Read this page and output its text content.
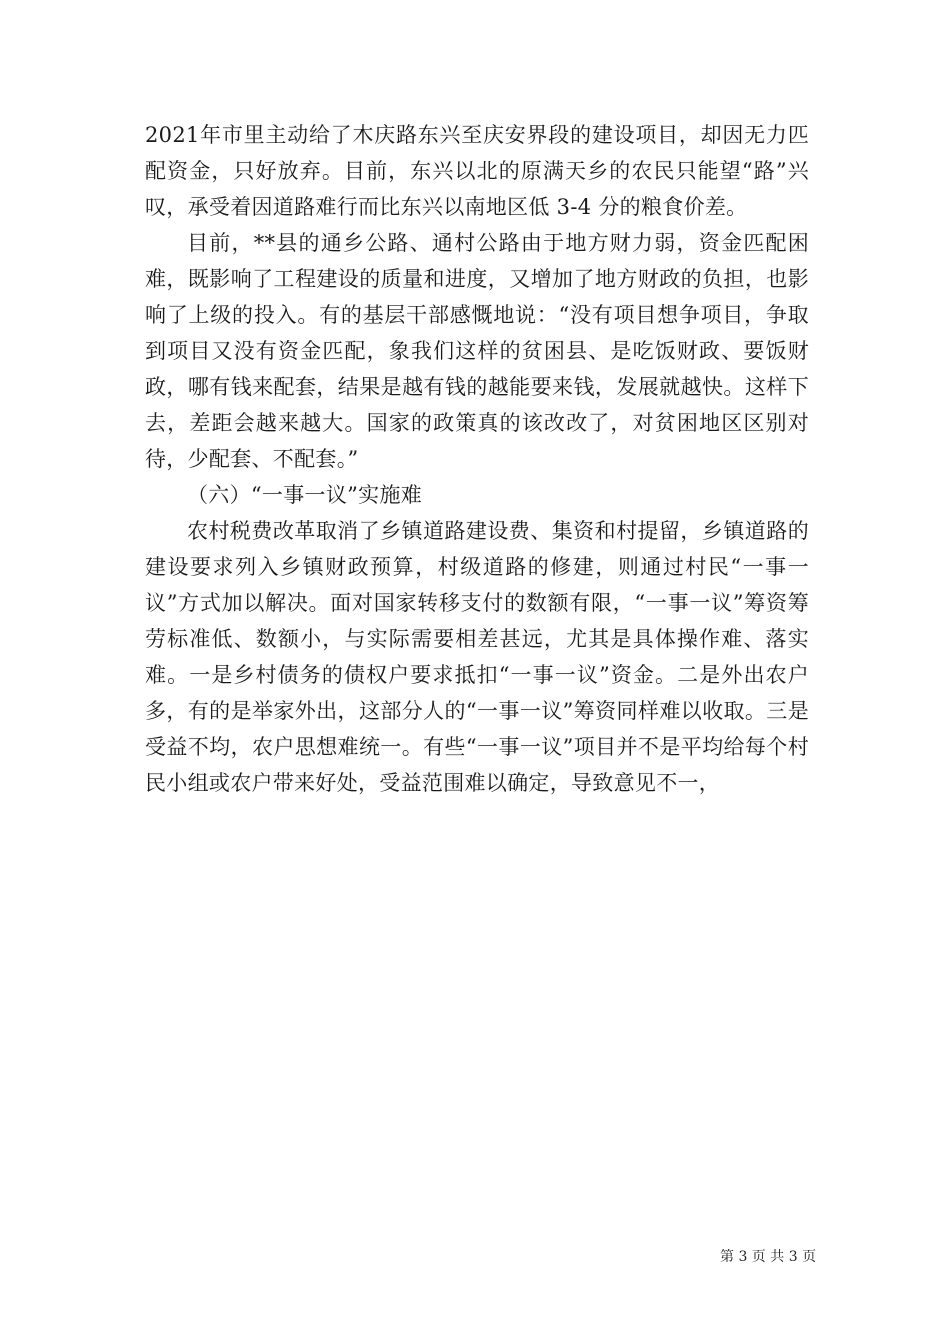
2021年市里主动给了木庆路东兴至庆安界段的建设项目，却因无力匹配资金，只好放弃。目前，东兴以北的原满天乡的农民只能望“路”兴叹，承受着因道路难行而比东兴以南地区低 3-4 分的粮食价差。

目前，**县的通乡公路、通村公路由于地方财力弱，资金匹配困难，既影响了工程建设的质量和进度，又增加了地方财政的负担，也影响了上级的投入。有的基层干部感慨地说：“没有项目想争项目，争取到项目又没有资金匹配，象我们这样的贫困县、是吃饭财政、要饭财政，哪有钱来配套，结果是越有钱的越能要来钱，发展就越快。这样下去，差距会越来越大。国家的政策真的该改改了，对贫困地区区别对待，少配套、不配套。”

（六）“一事一议”实施难

农村税费改革取消了乡镇道路建设费、集资和村提留，乡镇道路的建设要求列入乡镇财政预算，村级道路的修建，则通过村民“一事一议”方式加以解决。面对国家转移支付的数额有限，“一事一议”筹资筹劳标准低、数额小，与实际需要相差甚远，尤其是具体操作难、落实难。一是乡村债务的债权户要求抵扣“一事一议”资金。二是外出农户多，有的是举家外出，这部分人的“一事一议”筹资同样难以收取。三是受益不均，农户思想难统一。有些“一事一议”项目并不是平均给每个村民小组或农户带来好处，受益范围难以确定，导致意见不一，

第 3 页 共 3 页
